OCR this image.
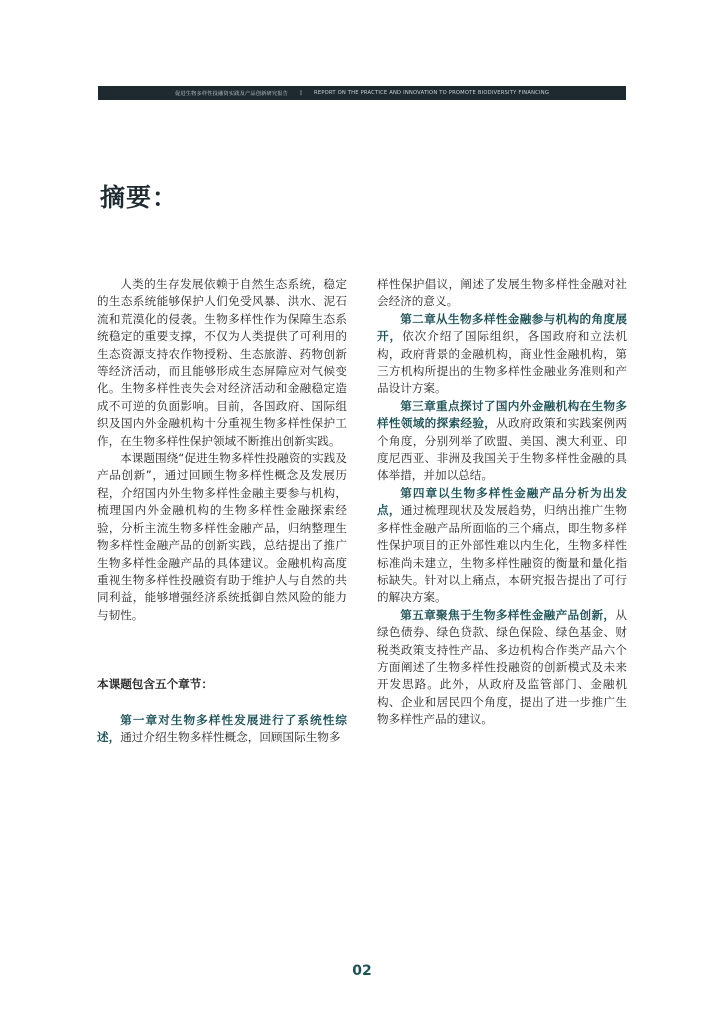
促进生物多样性投融资实践及产品创新研究报告 | REPORT ON THE PRACTICE AND INNOVATION TO PROMOTE BIODIVERSITY FINANCING
摘要：

人类的生存发展依赖于自然生态系统，稳定的生态系统能够保护人们免受风暴、洪水、泥石流和荒漠化的侵袭。生物多样性作为保障生态系统稳定的重要支撑，不仅为人类提供了可利用的生态资源支持农作物授粉、生态旅游、药物创新等经济活动，而且能够形成生态屏障应对气候变化。生物多样性丧失会对经济活动和金融稳定造成不可逆的负面影响。目前，各国政府、国际组织及国内外金融机构十分重视生物多样性保护工作，在生物多样性保护领域不断推出创新实践。

本课题围绕“促进生物多样性投融资的实践及产品创新”，通过回顾生物多样性概念及发展历程，介绍国内外生物多样性金融主要参与机构，梳理国内外金融机构的生物多样性金融探索经验，分析主流生物多样性金融产品，归纳整理生物多样性金融产品的创新实践，总结提出了推广生物多样性金融产品的具体建议。金融机构高度重视生物多样性投融资有助于维护人与自然的共同利益，能够增强经济系统抵御自然风险的能力与韧性。

本课题包含五个章节：

第一章对生物多样性发展进行了系统性综述，通过介绍生物多样性概念，回顾国际生物多

样性保护倡议，阐述了发展生物多样性金融对社会经济的意义。

第二章从生物多样性金融参与机构的角度展开，依次介绍了国际组织，各国政府和立法机构，政府背景的金融机构，商业性金融机构，第三方机构所提出的生物多样性金融业务准则和产品设计方案。

第三章重点探讨了国内外金融机构在生物多样性领域的探索经验，从政府政策和实践案例两个角度，分别列举了欧盟、美国、澳大利亚、印度尼西亚、非洲及我国关于生物多样性金融的具体举措，并加以总结。

第四章以生物多样性金融产品分析为出发点，通过梳理现状及发展趋势，归纳出推广生物多样性金融产品所面临的三个痛点，即生物多样性保护项目的正外部性难以内生化，生物多样性标准尚未建立，生物多样性融资的衡量和量化指标缺失。针对以上痛点，本研究报告提出了可行的解决方案。

第五章聚焦于生物多样性金融产品创新，从绿色债券、绿色贷款、绿色保险、绿色基金、财税类政策支持性产品、多边机构合作类产品六个方面阐述了生物多样性投融资的创新模式及未来开发思路。此外，从政府及监管部门、金融机构、企业和居民四个角度，提出了进一步推广生物多样性产品的建议。

02
